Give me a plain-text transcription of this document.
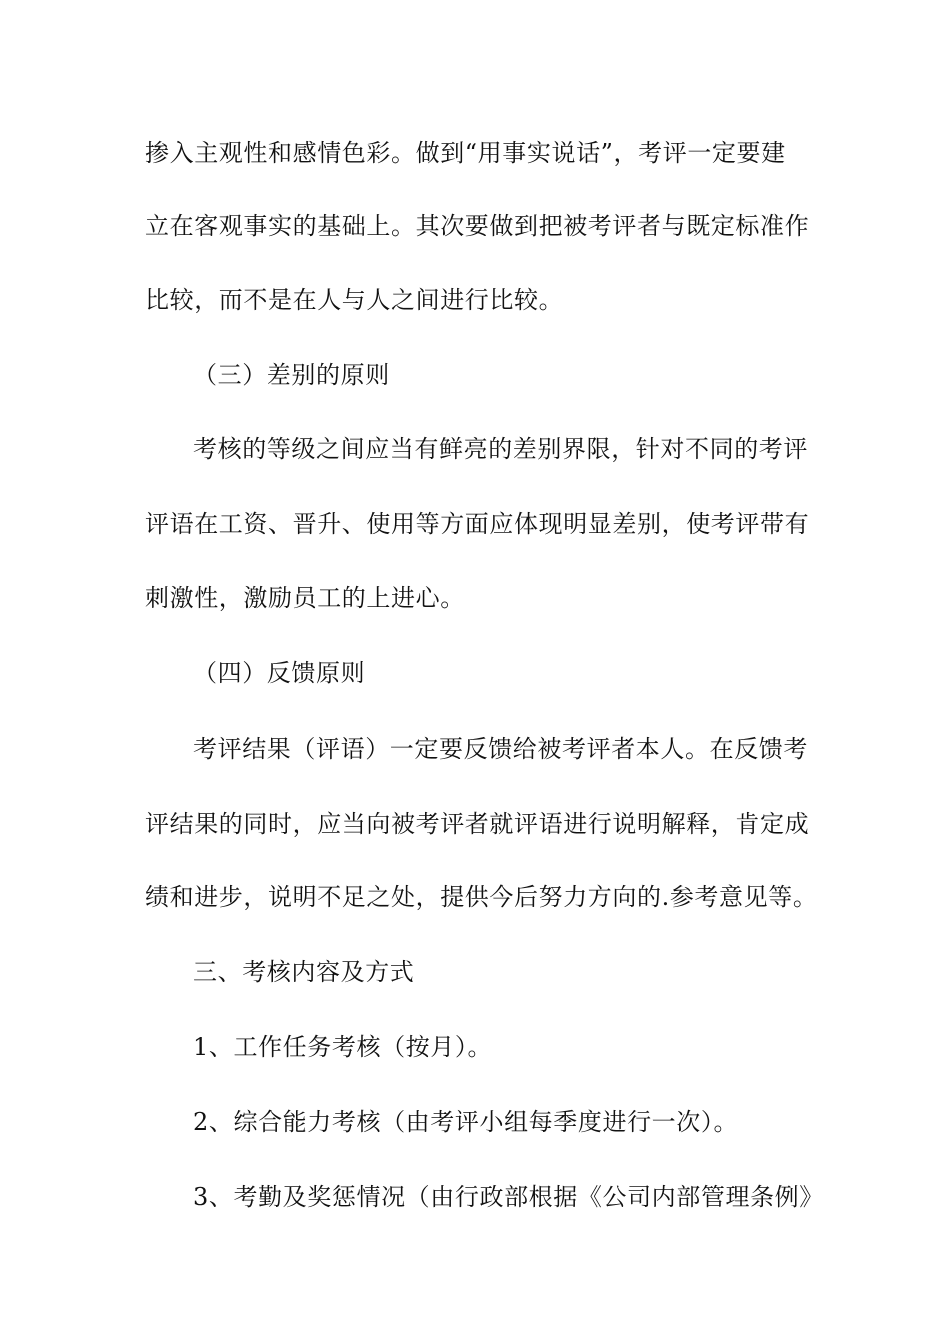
掺入主观性和感情色彩。做到“用事实说话”，考评一定要建
立在客观事实的基础上。其次要做到把被考评者与既定标准作
比较，而不是在人与人之间进行比较。
（三）差别的原则
考核的等级之间应当有鲜亮的差别界限，针对不同的考评
评语在工资、晋升、使用等方面应体现明显差别，使考评带有
刺激性，激励员工的上进心。
（四）反馈原则
考评结果（评语）一定要反馈给被考评者本人。在反馈考
评结果的同时，应当向被考评者就评语进行说明解释，肯定成
绩和进步，说明不足之处，提供今后努力方向的.参考意见等。
三、考核内容及方式
1、工作任务考核（按月）。
2、综合能力考核（由考评小组每季度进行一次）。
3、考勤及奖惩情况（由行政部根据《公司内部管理条例》
